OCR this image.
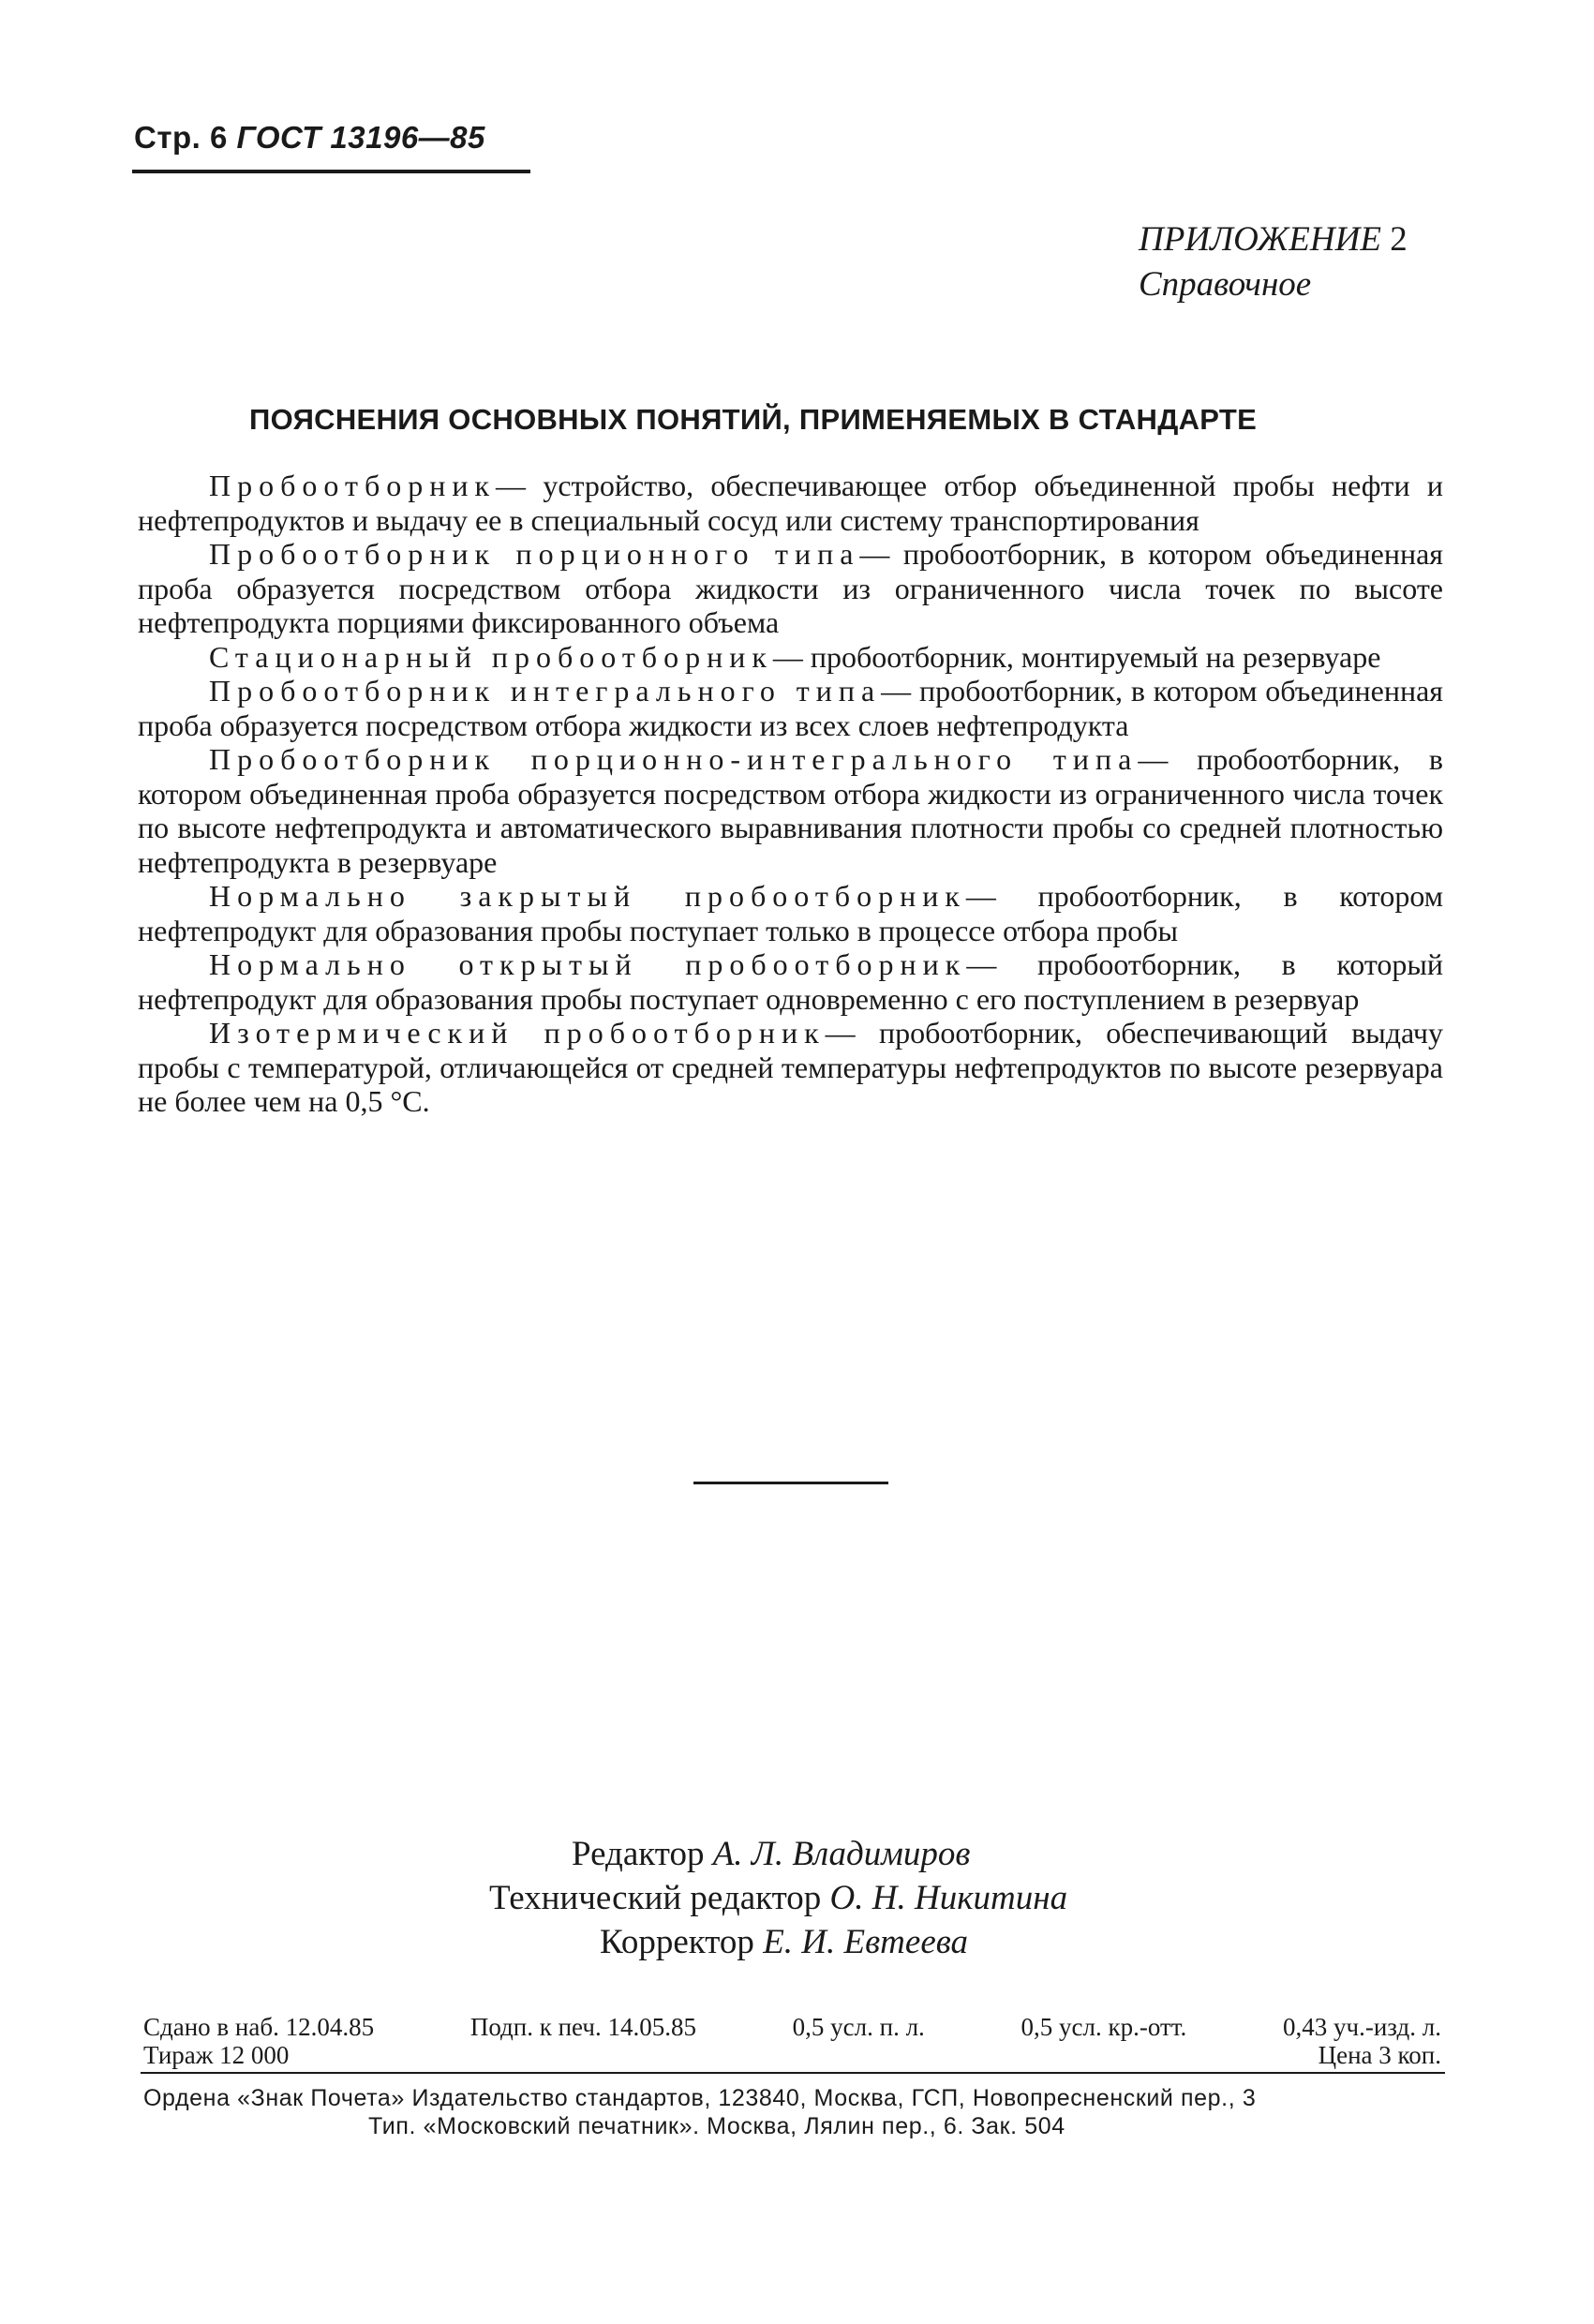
Стр. 6 ГОСТ 13196—85
ПРИЛОЖЕНИЕ 2
Справочное
ПОЯСНЕНИЯ ОСНОВНЫХ ПОНЯТИЙ, ПРИМЕНЯЕМЫХ В СТАНДАРТЕ

Пробоотборник— устройство, обеспечивающее отбор объединенной пробы нефти и нефтепродуктов и выдачу ее в специальный сосуд или систему транспортирования

Пробоотборник порционного типа— пробоотборник, в котором объединенная проба образуется посредством отбора жидкости из ограниченного числа точек по высоте нефтепродукта порциями фиксированного объема

Стационарный пробоотборник— пробоотборник, монтируемый на резервуаре

Пробоотборник интегрального типа— пробоотборник, в котором объединенная проба образуется посредством отбора жидкости из всех слоев нефтепродукта

Пробоотборник порционно-интегрального типа— пробоотборник, в котором объединенная проба образуется посредством отбора жидкости из ограниченного числа точек по высоте нефтепродукта и автоматического выравнивания плотности пробы со средней плотностью нефтепродукта в резервуаре

Нормально закрытый пробоотборник— пробоотборник, в котором нефтепродукт для образования пробы поступает только в процессе отбора пробы

Нормально открытый пробоотборник— пробоотборник, в который нефтепродукт для образования пробы поступает одновременно с его поступлением в резервуар

Изотермический пробоотборник— пробоотборник, обеспечивающий выдачу пробы с температурой, отличающейся от средней температуры нефтепродуктов по высоте резервуара не более чем на 0,5 °С.

Редактор А. Л. Владимиров
Технический редактор О. Н. Никитина
Корректор Е. И. Евтеева
Сдано в наб. 12.04.85	Подп. к печ. 14.05.85	0,5 усл. п. л.	0,5 усл. кр.-отт.	0,43 уч.-изд. л.
Тираж 12 000	Цена 3 коп.
Ордена «Знак Почета» Издательство стандартов, 123840, Москва, ГСП, Новопресненский пер., 3
Тип. «Московский печатник». Москва, Лялин пер., 6. Зак. 504
